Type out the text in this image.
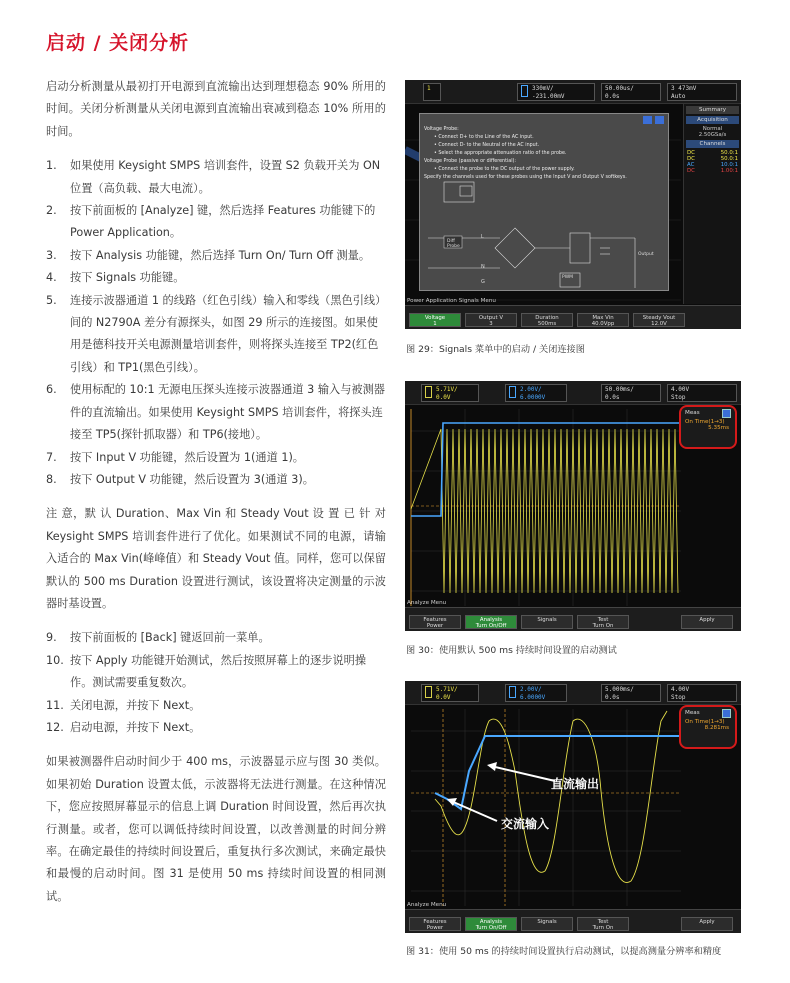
启动 / 关闭分析

启动分析测量从最初打开电源到直流输出达到理想稳态 90% 所用的时间。关闭分析测量从关闭电源到直流输出衰减到稳态 10% 所用的时间。

1. 如果使用 Keysight SMPS 培训套件，设置 S2 负载开关为 ON 位置（高负载、最大电流）。
2. 按下前面板的 [Analyze] 键，然后选择 Features 功能键下的 Power Application。
3. 按下 Analysis 功能键，然后选择 Turn On/ Turn Off 测量。
4. 按下 Signals 功能键。
5. 连接示波器通道 1 的线路（红色引线）输入和零线（黑色引线）间的 N2790A 差分有源探头，如图 29 所示的连接图。如果使用是德科技开关电源测量培训套件，则将探头连接至 TP2(红色引线）和 TP1(黑色引线）。
6. 使用标配的 10:1 无源电压探头连接示波器通道 3 输入与被测器件的直流输出。如果使用 Keysight SMPS 培训套件，将探头连接至 TP5(探针抓取器）和 TP6(接地）。
7. 按下 Input V 功能键，然后设置为 1(通道 1)。
8. 按下 Output V 功能键，然后设置为 3(通道 3)。

注 意，默 认 Duration、Max Vin 和 Steady Vout 设 置 已 针 对 Keysight SMPS 培训套件进行了优化。如果测试不同的电源，请输入适合的 Max Vin(峰峰值）和 Steady Vout 值。同样，您可以保留默认的 500 ms Duration 设置进行测试，该设置将决定测量的示波器时基设置。

9. 按下前面板的 [Back] 键返回前一菜单。
10. 按下 Apply 功能键开始测试，然后按照屏幕上的逐步说明操作。测试需要重复数次。
11. 关闭电源，并按下 Next。
12. 启动电源，并按下 Next。

如果被测器件启动时间少于 400 ms，示波器显示应与图 30 类似。如果初始 Duration 设置太低，示波器将无法进行测量。在这种情况下，您应按照屏幕显示的信息上调 Duration 时间设置，然后再次执行测量。或者，您可以调低持续时间设置，以改善测量的时间分辨率。在确定最佳的持续时间设置后，重复执行多次测试，来确定最快和最慢的启动时间。图 31 是使用 50 ms 持续时间设置的相同测试。

1	330mV/
-231.00mV
50.00us/
0.0s
3 473mV
Auto
Summary
Acquisition
Normal
2.50GSa/s
Channels
DC	50.0:1
DC	50.0:1
AC	10.0:1
DC	1.00:1
Voltage Probe:
• Connect D+ to the Line of the AC input.
• Connect D- to the Neutral of the AC input.
• Select the appropriate attenuation ratio of the probe.
Voltage Probe (passive or differential):
• Connect the probe to the DC output of the power supply.
Specify the channels used for these probes using the Input V and Output V softkeys.
Diff Probe
PWM
Output
L
N
G
Power Application Signals Menu
Voltage
1
Output V
3
Duration
500ms
Max Vin
40.0Vpp
Steady Vout
12.0V
图 29：Signals 菜单中的启动 / 关闭连接图
5.71V/
0.0V
2.00V/
6.0000V
50.00ms/
0.0s
4.00V
Stop
Meas
On Time(1→3)
5.35ms
Analyze Menu
Features
Power
Analysis
Turn On/Off
Signals	Test
Turn On
Apply
图 30：使用默认 500 ms 持续时间设置的启动测试
5.71V/
0.0V
2.00V/
6.0000V
5.000ms/
0.0s
4.00V
Stop
直流输出
交流输入
Meas
On Time(1→3)
8.281ms
Analyze Menu
Features
Power
Analysis
Turn On/Off
Signals	Test
Turn On
Apply
图 31：使用 50 ms 的持续时间设置执行启动测试，以提高测量分辨率和精度
